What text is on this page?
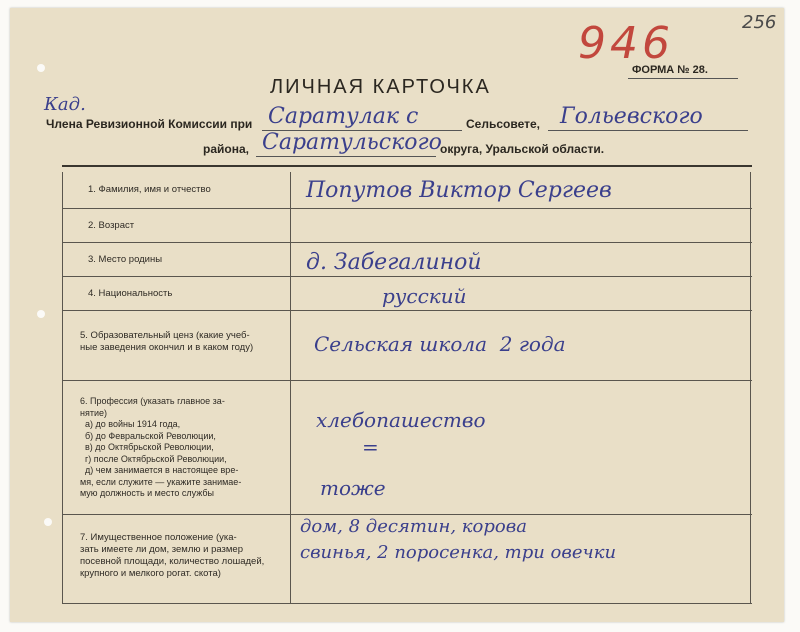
256
946
ФОРМА № 28.
ЛИЧНАЯ КАРТОЧКА
Кад.
Члена Ревизионной Комиссии при Саратулак с	Сельсовете, Гольевского
района, Саратульского
округа, Уральской области.
1. Фамилия, имя и отчество
2. Возраст
3. Место родины
4. Национальность
5. Образовательный ценз (какие учеб-
ные заведения окончил и в каком году)
6. Профессия (указать главное за-
нятие)
а) до войны 1914 года,
б) до Февральской Революции,
в) до Октябрьской Революции,
г) после Октябрьской Революции,
д) чем занимается в настоящее вре-
мя, если служите — укажите занимае-
мую должность и место службы
7. Имущественное положение (ука-
зать имеете ли дом, землю и размер
посевной площади, количество лошадей,
крупного и мелкого рогат. скота)
Попутов Виктор Сергеев
д. Забегалиной
русский
Сельская школа  2 года
хлебопашество
=
тоже
дом, 8 десятин, корова
свинья, 2 поросенка, три овечки
